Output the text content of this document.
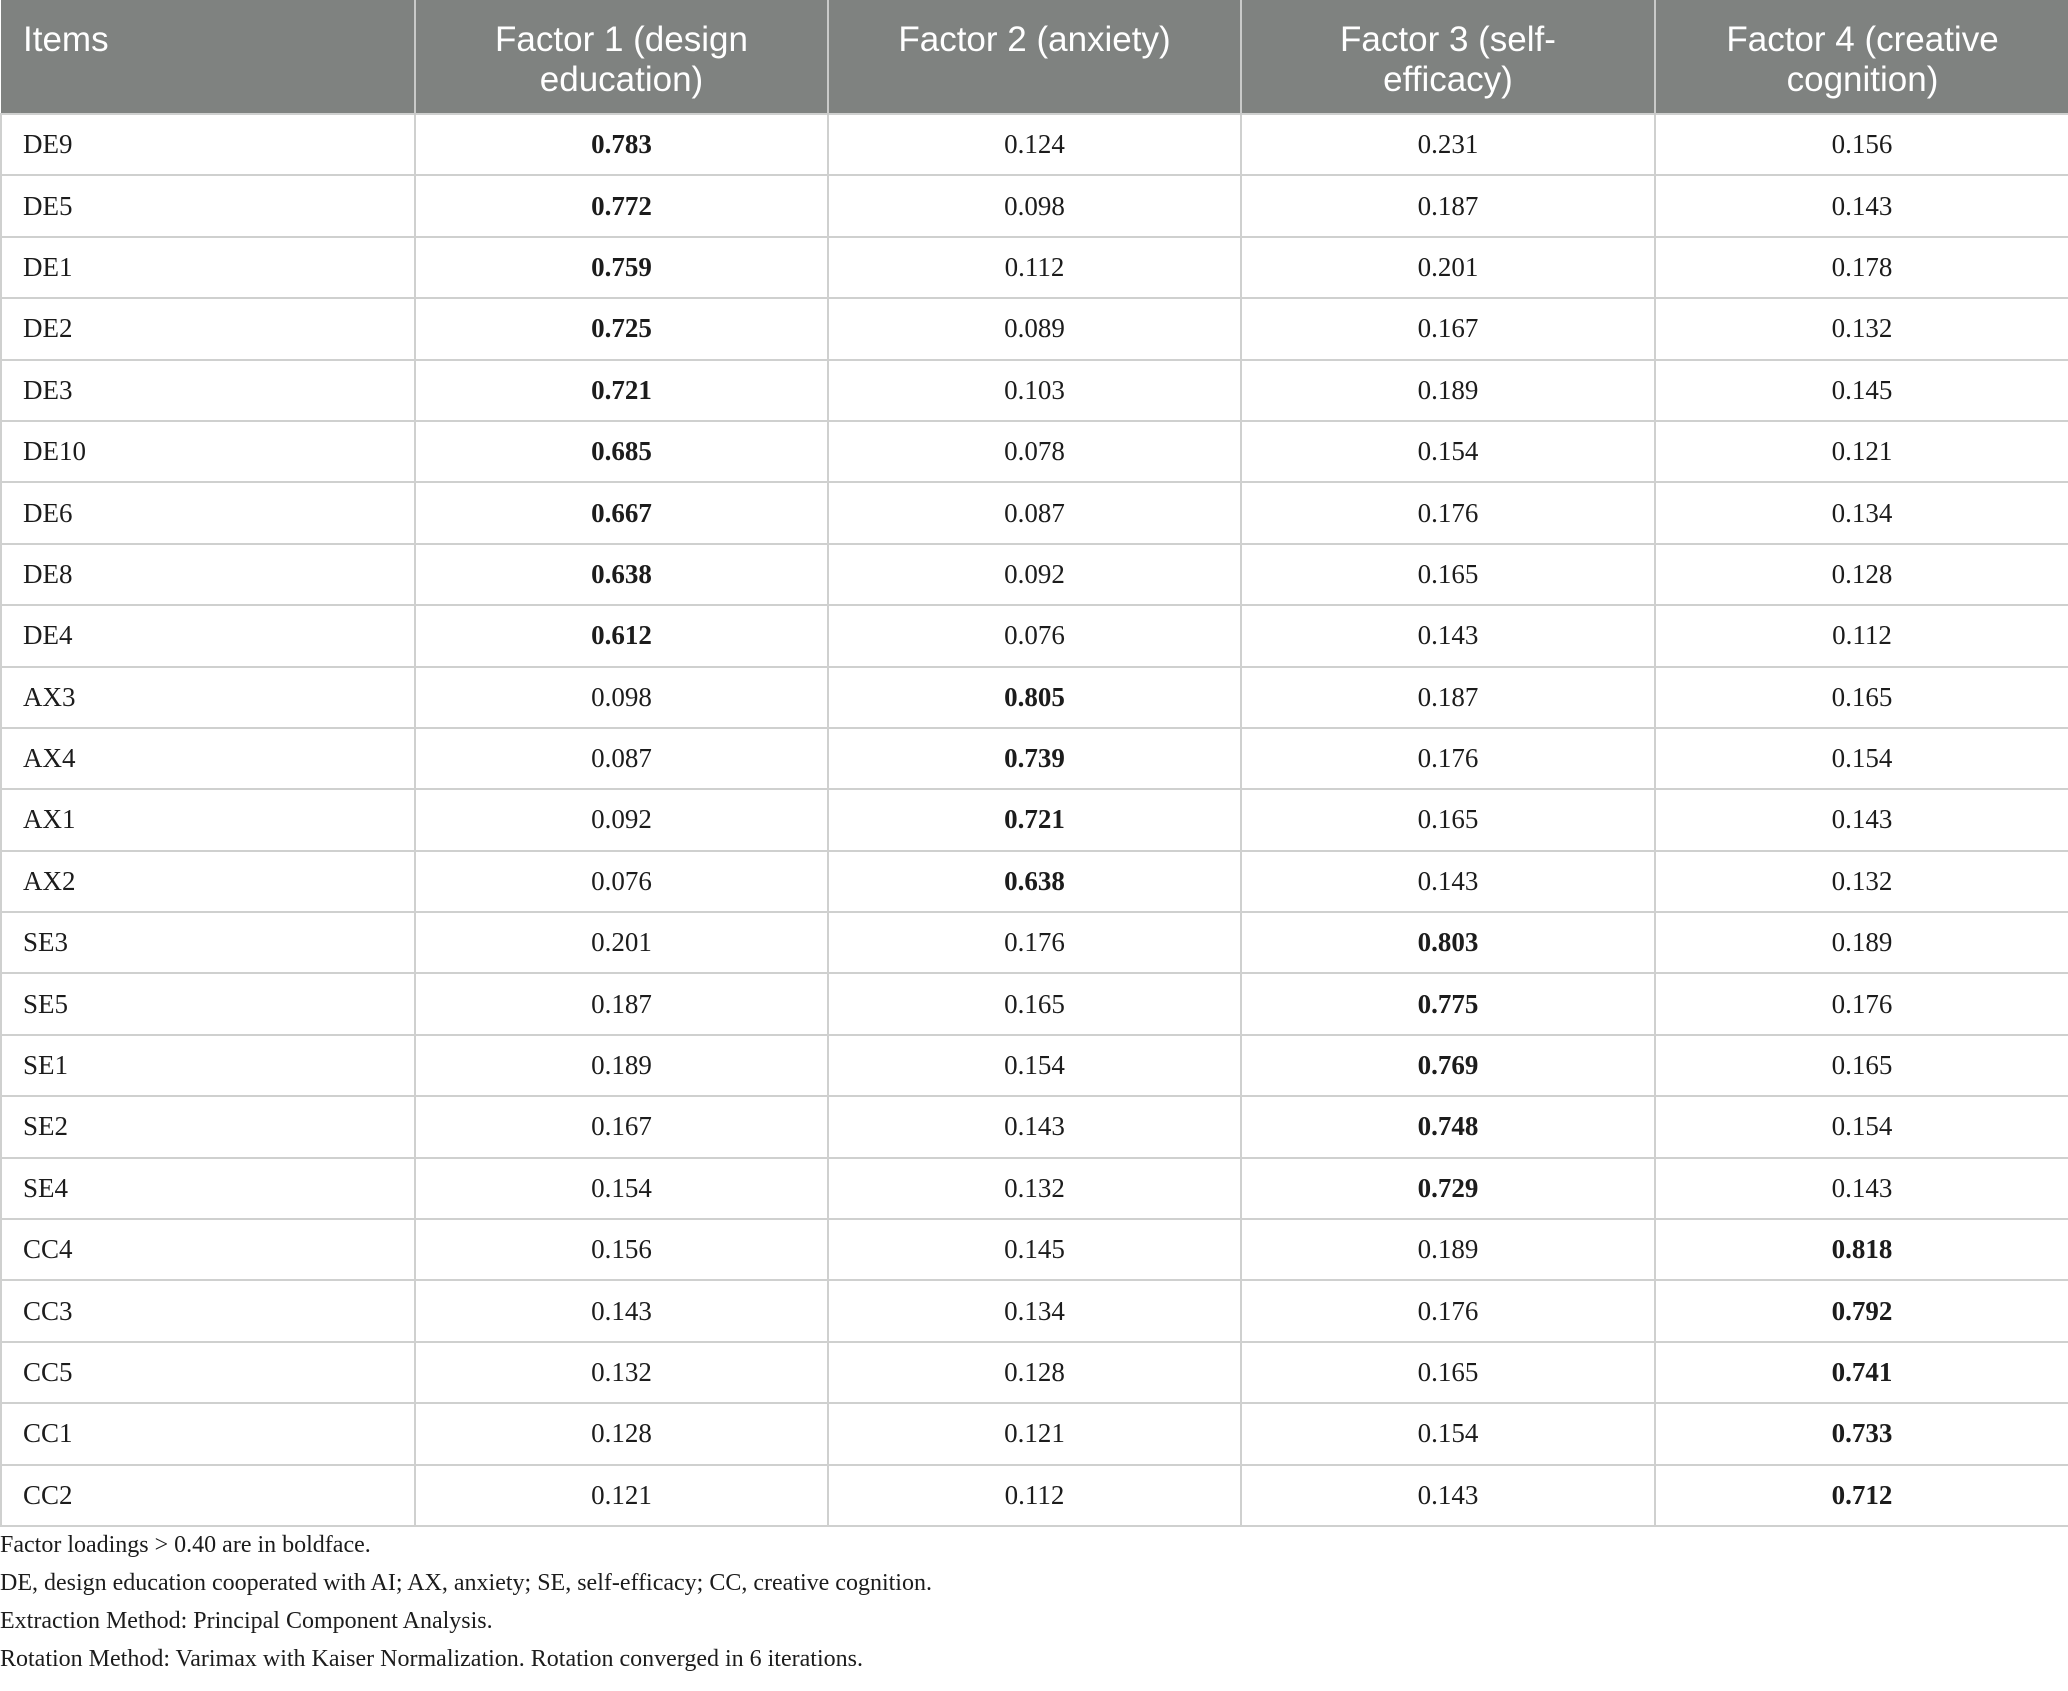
Items	Factor 1 (design education)	Factor 2 (anxiety)	Factor 3 (self-efficacy)	Factor 4 (creative cognition)
DE9	0.783	0.124	0.231	0.156
DE5	0.772	0.098	0.187	0.143
DE1	0.759	0.112	0.201	0.178
DE2	0.725	0.089	0.167	0.132
DE3	0.721	0.103	0.189	0.145
DE10	0.685	0.078	0.154	0.121
DE6	0.667	0.087	0.176	0.134
DE8	0.638	0.092	0.165	0.128
DE4	0.612	0.076	0.143	0.112
AX3	0.098	0.805	0.187	0.165
AX4	0.087	0.739	0.176	0.154
AX1	0.092	0.721	0.165	0.143
AX2	0.076	0.638	0.143	0.132
SE3	0.201	0.176	0.803	0.189
SE5	0.187	0.165	0.775	0.176
SE1	0.189	0.154	0.769	0.165
SE2	0.167	0.143	0.748	0.154
SE4	0.154	0.132	0.729	0.143
CC4	0.156	0.145	0.189	0.818
CC3	0.143	0.134	0.176	0.792
CC5	0.132	0.128	0.165	0.741
CC1	0.128	0.121	0.154	0.733
CC2	0.121	0.112	0.143	0.712

Factor loadings > 0.40 are in boldface.

DE, design education cooperated with AI; AX, anxiety; SE, self-efficacy; CC, creative cognition.

Extraction Method: Principal Component Analysis.

Rotation Method: Varimax with Kaiser Normalization. Rotation converged in 6 iterations.
